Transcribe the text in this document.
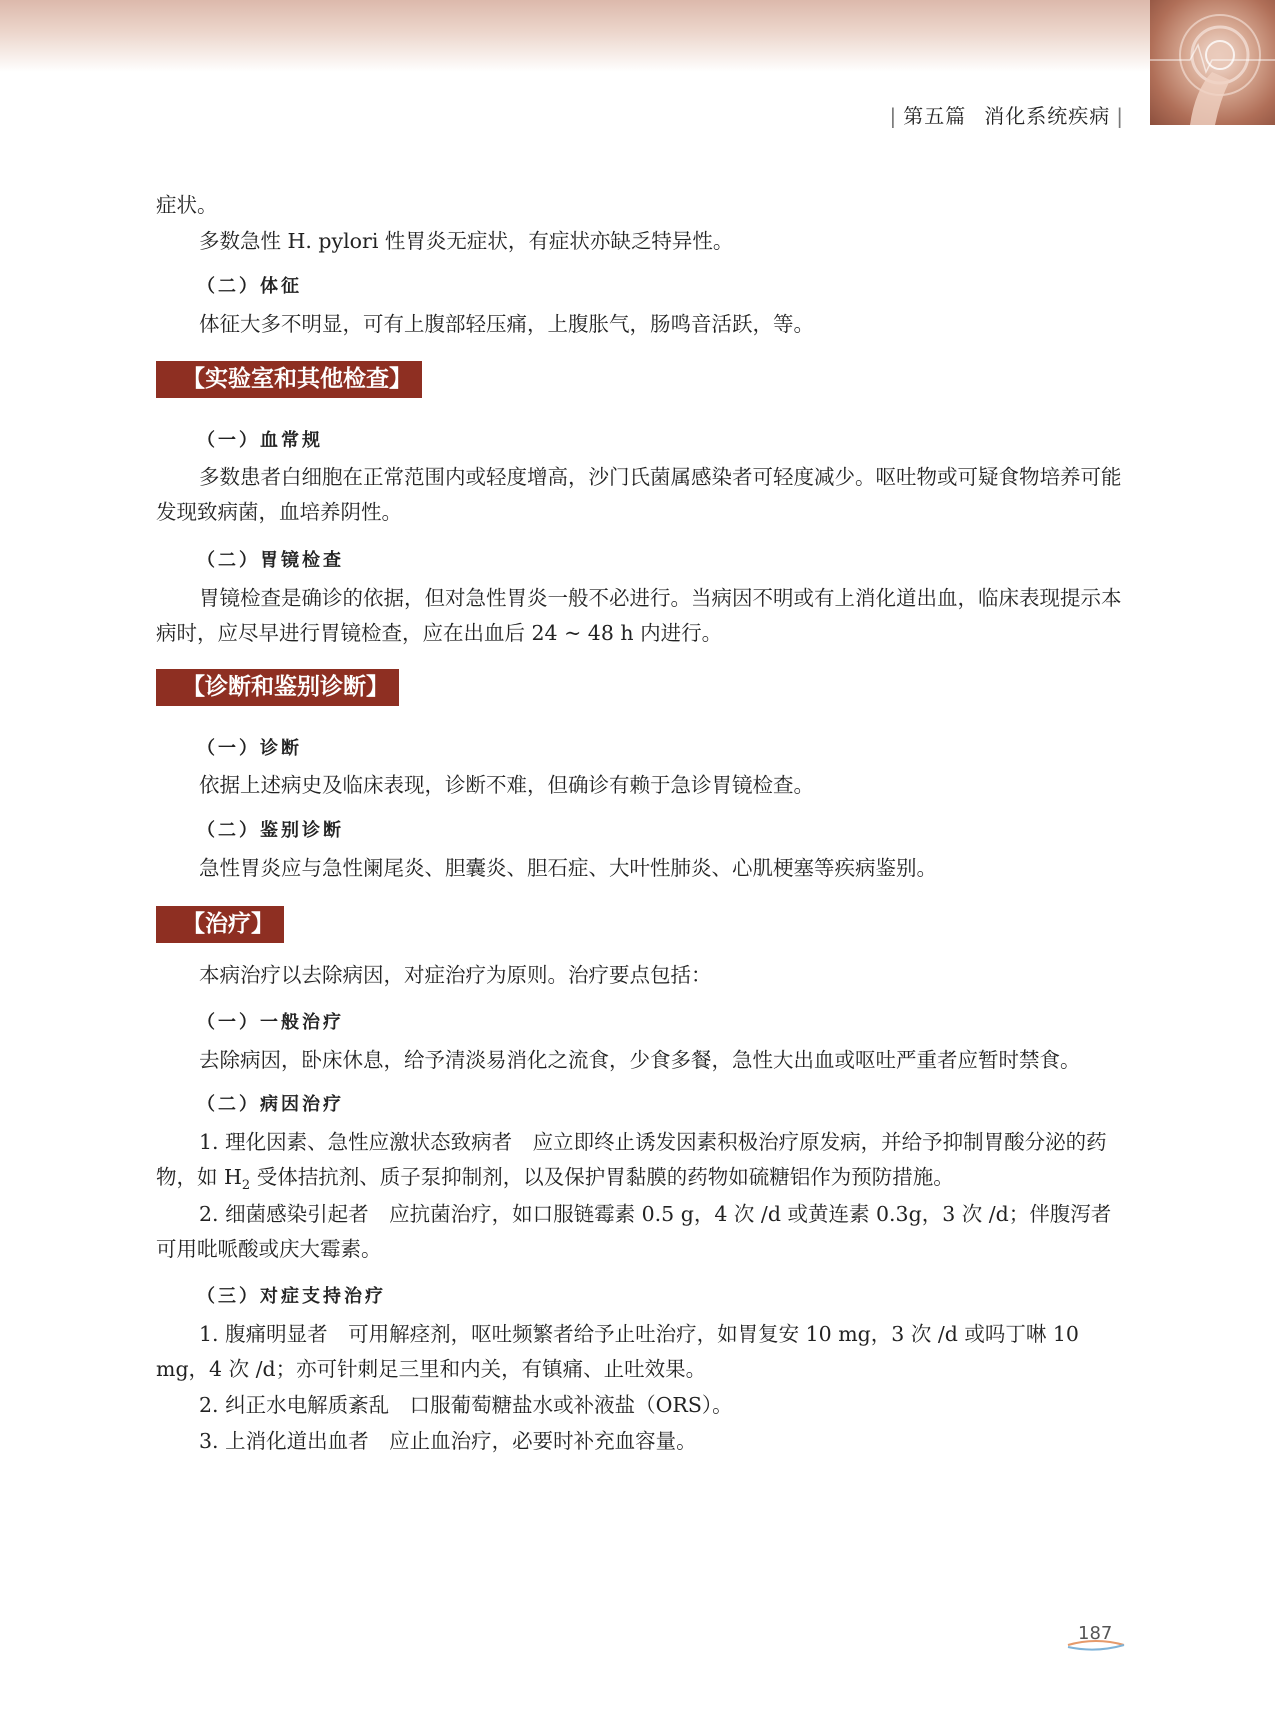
| 第五篇 消化系统疾病 |

症状。

多数急性 H. pylori 性胃炎无症状，有症状亦缺乏特异性。

（二）体征

体征大多不明显，可有上腹部轻压痛，上腹胀气，肠鸣音活跃，等。

【实验室和其他检查】
（一）血常规

多数患者白细胞在正常范围内或轻度增高，沙门氏菌属感染者可轻度减少。呕吐物或可疑食物培养可能发现致病菌，血培养阴性。

（二）胃镜检查

胃镜检查是确诊的依据，但对急性胃炎一般不必进行。当病因不明或有上消化道出血，临床表现提示本病时，应尽早进行胃镜检查，应在出血后 24 ~ 48 h 内进行。

【诊断和鉴别诊断】
（一）诊断

依据上述病史及临床表现，诊断不难，但确诊有赖于急诊胃镜检查。

（二）鉴别诊断

急性胃炎应与急性阑尾炎、胆囊炎、胆石症、大叶性肺炎、心肌梗塞等疾病鉴别。

【治疗】

本病治疗以去除病因，对症治疗为原则。治疗要点包括：

（一）一般治疗

去除病因，卧床休息，给予清淡易消化之流食，少食多餐，急性大出血或呕吐严重者应暂时禁食。

（二）病因治疗

1. 理化因素、急性应激状态致病者　应立即终止诱发因素积极治疗原发病，并给予抑制胃酸分泌的药物，如 $H_2$ 受体拮抗剂、质子泵抑制剂，以及保护胃黏膜的药物如硫糖铝作为预防措施。

2. 细菌感染引起者　应抗菌治疗，如口服链霉素 0.5 g，4 次 /d 或黄连素 0.3g，3 次 /d；伴腹泻者可用吡哌酸或庆大霉素。

（三）对症支持治疗

1. 腹痛明显者　可用解痉剂，呕吐频繁者给予止吐治疗，如胃复安 10 mg，3 次 /d 或吗丁啉 10 mg，4 次 /d；亦可针刺足三里和内关，有镇痛、止吐效果。

2. 纠正水电解质紊乱　口服葡萄糖盐水或补液盐（ORS）。

3. 上消化道出血者　应止血治疗，必要时补充血容量。

187
